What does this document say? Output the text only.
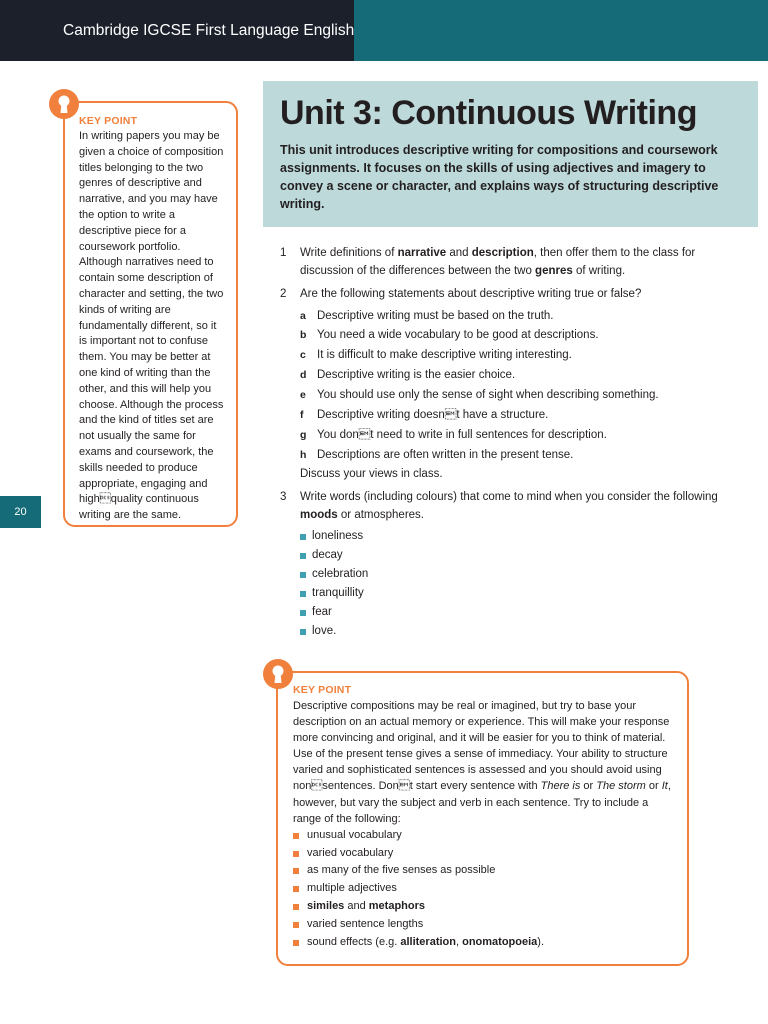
Cambridge IGCSE First Language English
20
KEY POINT

In writing papers you may be given a choice of composition titles belonging to the two genres of descriptive and narrative, and you may have the option to write a descriptive piece for a coursework portfolio. Although narratives need to contain some description of character and setting, the two kinds of writing are fundamentally different, so it is important not to confuse them. You may be better at one kind of writing than the other, and this will help you choose. Although the process and the kind of titles set are not usually the same for exams and coursework, the skills needed to produce appropriate, engaging and highquality continuous writing are the same.

Unit 3: Continuous Writing

This unit introduces descriptive writing for compositions and coursework assignments. It focuses on the skills of using adjectives and imagery to convey a scene or character, and explains ways of structuring descriptive writing.

1 Write definitions of narrative and description, then offer them to the class for discussion of the differences between the two genres of writing.

2 Are the following statements about descriptive writing true or false?

a Descriptive writing must be based on the truth.
b You need a wide vocabulary to be good at descriptions.
c It is difficult to make descriptive writing interesting.
d Descriptive writing is the easier choice.
e You should use only the sense of sight when describing something.
f Descriptive writing doesnt have a structure.
g You dont need to write in full sentences for description.
h Descriptions are often written in the present tense.

Discuss your views in class.

3 Write words (including colours) that come to mind when you consider the following moods or atmospheres.

loneliness
decay
celebration
tranquillity
fear
love.
KEY POINT

Descriptive compositions may be real or imagined, but try to base your description on an actual memory or experience. This will make your response more convincing and original, and it will be easier for you to think of material. Use of the present tense gives a sense of immediacy. Your ability to structure varied and sophisticated sentences is assessed and you should avoid using nonsentences. Dont start every sentence with There is or The storm or It, however, but vary the subject and verb in each sentence. Try to include a range of the following:

unusual vocabulary
varied vocabulary
as many of the five senses as possible
multiple adjectives
similes and metaphors
varied sentence lengths
sound effects (e.g. alliteration, onomatopoeia).
